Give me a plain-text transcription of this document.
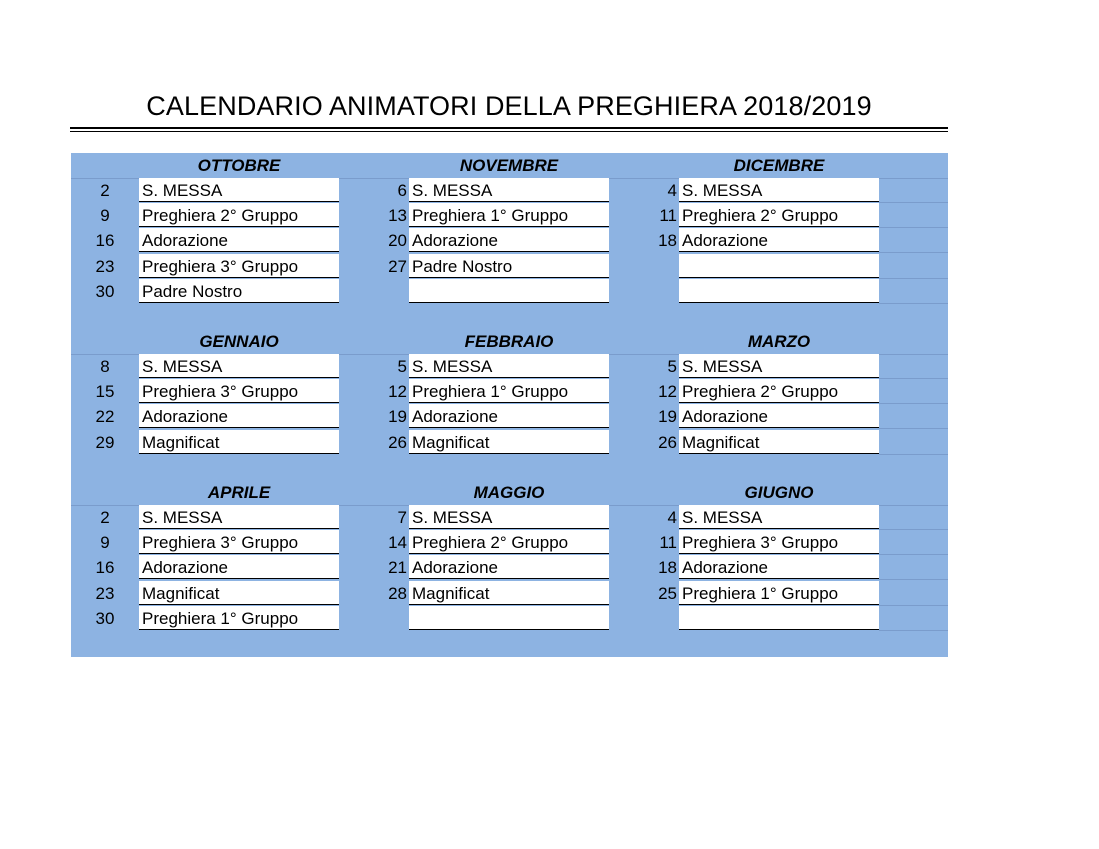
CALENDARIO ANIMATORI DELLA PREGHIERA 2018/2019
OTTOBRE	NOVEMBRE	DICEMBRE
2	S. MESSA	6 S. MESSA	4 S. MESSA
9	Preghiera 2° Gruppo	13 Preghiera 1° Gruppo	11 Preghiera 2° Gruppo
16	Adorazione	20 Adorazione	18 Adorazione
23	Preghiera 3° Gruppo	27 Padre Nostro
30	Padre Nostro
GENNAIO	FEBBRAIO	MARZO
8	S. MESSA	5 S. MESSA	5 S. MESSA
15	Preghiera 3° Gruppo	12 Preghiera 1° Gruppo	12 Preghiera 2° Gruppo
22	Adorazione	19 Adorazione	19 Adorazione
29	Magnificat	26 Magnificat	26 Magnificat
APRILE	MAGGIO	GIUGNO
2	S. MESSA	7 S. MESSA	4 S. MESSA
9	Preghiera 3° Gruppo	14 Preghiera 2° Gruppo	11 Preghiera 3° Gruppo
16	Adorazione	21 Adorazione	18 Adorazione
23	Magnificat	28 Magnificat	25 Preghiera 1° Gruppo
30	Preghiera 1° Gruppo
